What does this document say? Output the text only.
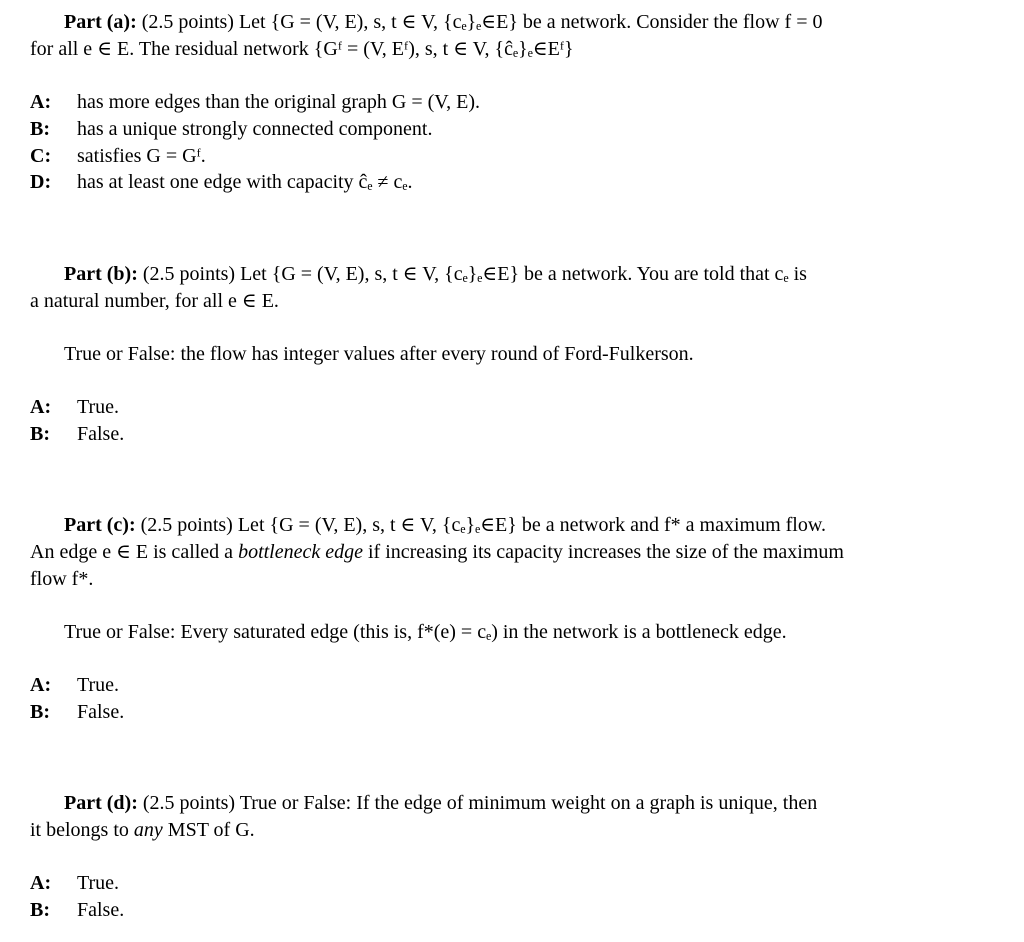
Part (a): (2.5 points) Let {G = (V, E), s, t ∈ V, {cₑ}ₑ∈E} be a network. Consider the flow f = 0
for all e ∈ E. The residual network {Gᶠ = (V, Eᶠ), s, t ∈ V, {ĉₑ}ₑ∈Eᶠ}
A: has more edges than the original graph G = (V, E).
B: has a unique strongly connected component.
C: satisfies G = Gᶠ.
D: has at least one edge with capacity ĉₑ ≠ cₑ.
Part (b): (2.5 points) Let {G = (V, E), s, t ∈ V, {cₑ}ₑ∈E} be a network. You are told that cₑ is
a natural number, for all e ∈ E.
True or False: the flow has integer values after every round of Ford-Fulkerson.
A: True.
B: False.
Part (c): (2.5 points) Let {G = (V, E), s, t ∈ V, {cₑ}ₑ∈E} be a network and f* a maximum flow.
An edge e ∈ E is called a bottleneck edge if increasing its capacity increases the size of the maximum
flow f*.
True or False: Every saturated edge (this is, f*(e) = cₑ) in the network is a bottleneck edge.
A: True.
B: False.
Part (d): (2.5 points) True or False: If the edge of minimum weight on a graph is unique, then
it belongs to any MST of G.
A: True.
B: False.
